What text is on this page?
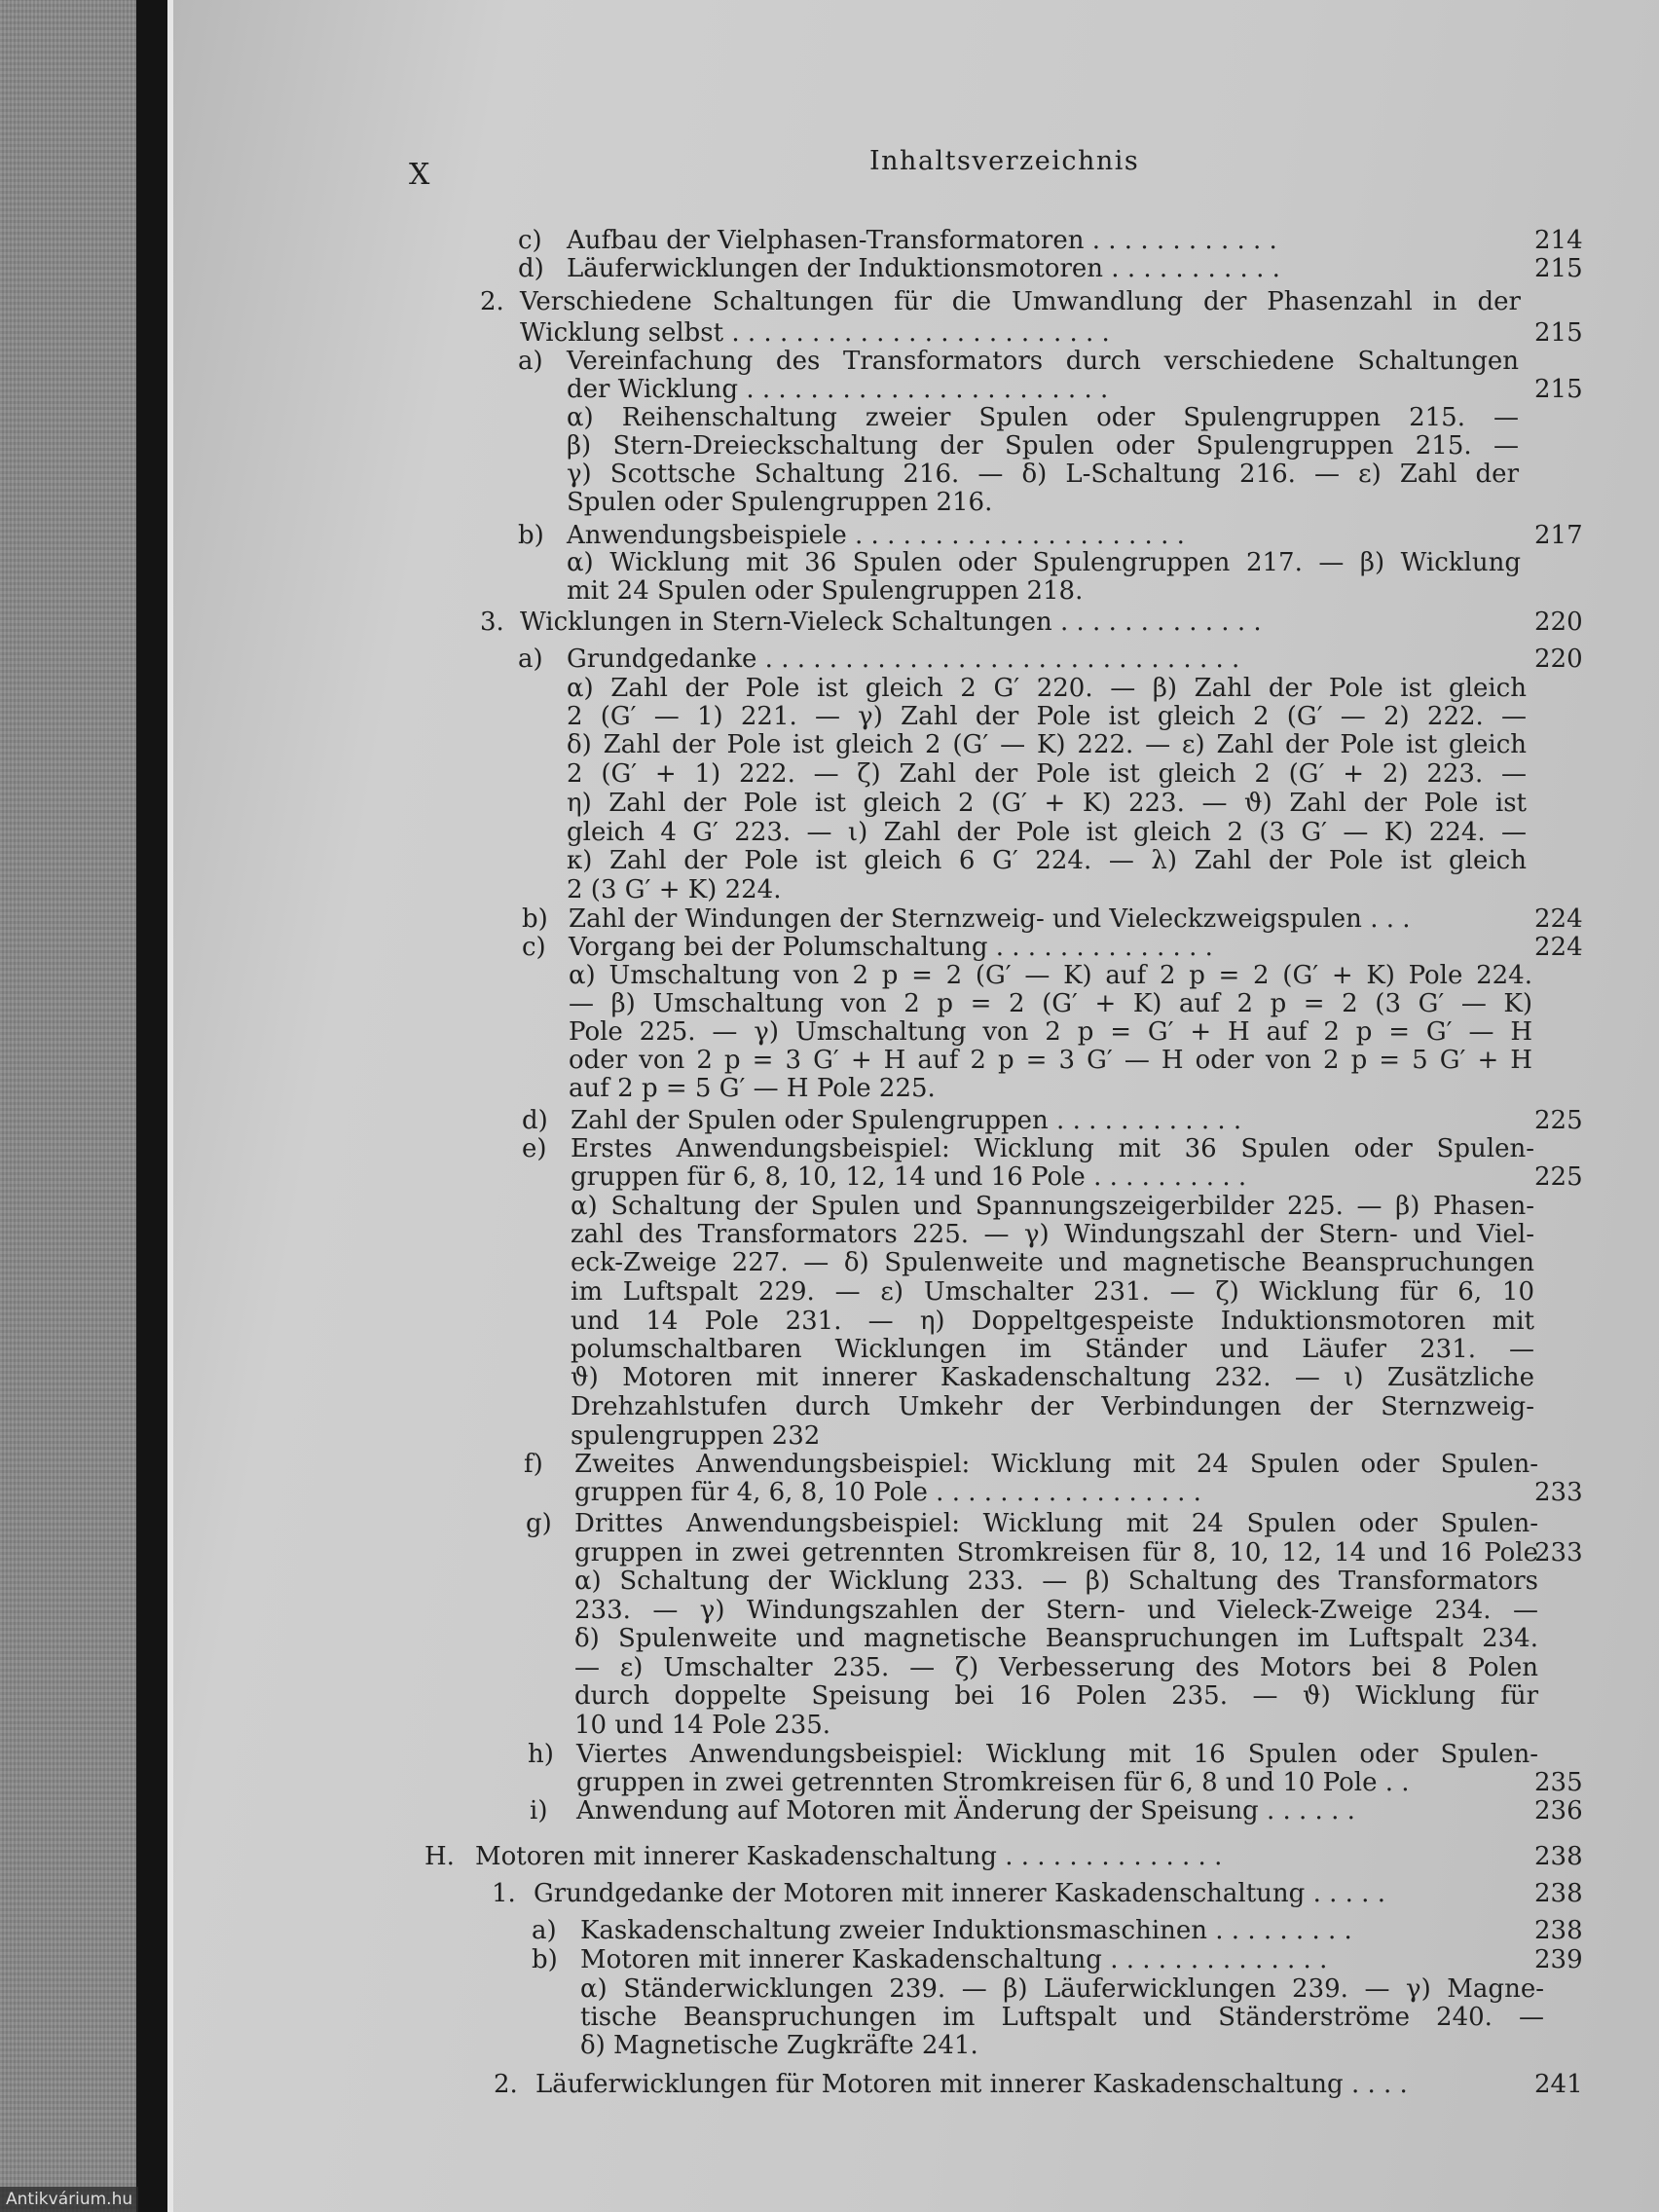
X	Inhaltsverzeichnis
c) Aufbau der Vielphasen-Transformatoren . . . . . . . . . . . .	214
d) Läuferwicklungen der Induktionsmotoren . . . . . . . . . . .	215
2. Verschiedene Schaltungen für die Umwandlung der Phasenzahl in der
Wicklung selbst . . . . . . . . . . . . . . . . . . . . . . . .	215
a) Vereinfachung des Transformators durch verschiedene Schaltungen
der Wicklung . . . . . . . . . . . . . . . . . . . . . . .	215
α) Reihenschaltung zweier Spulen oder Spulengruppen 215. —
β) Stern-Dreieckschaltung der Spulen oder Spulengruppen 215. —
γ) Scottsche Schaltung 216. — δ) L-Schaltung 216. — ε) Zahl der
Spulen oder Spulengruppen 216.
b) Anwendungsbeispiele . . . . . . . . . . . . . . . . . . . . .	217
α) Wicklung mit 36 Spulen oder Spulengruppen 217. — β) Wicklung
mit 24 Spulen oder Spulengruppen 218.
3. Wicklungen in Stern-Vieleck Schaltungen . . . . . . . . . . . . .	220
a) Grundgedanke . . . . . . . . . . . . . . . . . . . . . . . . . . . . . .	220
α) Zahl der Pole ist gleich 2 G′ 220. — β) Zahl der Pole ist gleich
2 (G′ — 1) 221. — γ) Zahl der Pole ist gleich 2 (G′ — 2) 222. —
δ) Zahl der Pole ist gleich 2 (G′ — K) 222. — ε) Zahl der Pole ist gleich
2 (G′ + 1) 222. — ζ) Zahl der Pole ist gleich 2 (G′ + 2) 223. —
η) Zahl der Pole ist gleich 2 (G′ + K) 223. — ϑ) Zahl der Pole ist
gleich 4 G′ 223. — ι) Zahl der Pole ist gleich 2 (3 G′ — K) 224. —
κ) Zahl der Pole ist gleich 6 G′ 224. — λ) Zahl der Pole ist gleich
2 (3 G′ + K) 224.
b) Zahl der Windungen der Sternzweig- und Vieleckzweigspulen . . .	224
c) Vorgang bei der Polumschaltung . . . . . . . . . . . . . .	224
α) Umschaltung von 2 p = 2 (G′ — K) auf 2 p = 2 (G′ + K) Pole 224.
— β) Umschaltung von 2 p = 2 (G′ + K) auf 2 p = 2 (3 G′ — K)
Pole 225. — γ) Umschaltung von 2 p = G′ + H auf 2 p = G′ — H
oder von 2 p = 3 G′ + H auf 2 p = 3 G′ — H oder von 2 p = 5 G′ + H
auf 2 p = 5 G′ — H Pole 225.
d) Zahl der Spulen oder Spulengruppen . . . . . . . . . . . .	225
e) Erstes Anwendungsbeispiel: Wicklung mit 36 Spulen oder Spulen-
gruppen für 6, 8, 10, 12, 14 und 16 Pole . . . . . . . . . .	225
α) Schaltung der Spulen und Spannungszeigerbilder 225. — β) Phasen-
zahl des Transformators 225. — γ) Windungszahl der Stern- und Viel-
eck-Zweige 227. — δ) Spulenweite und magnetische Beanspruchungen
im Luftspalt 229. — ε) Umschalter 231. — ζ) Wicklung für 6, 10
und 14 Pole 231. — η) Doppeltgespeiste Induktionsmotoren mit
polumschaltbaren Wicklungen im Ständer und Läufer 231. —
ϑ) Motoren mit innerer Kaskadenschaltung 232. — ι) Zusätzliche
Drehzahlstufen durch Umkehr der Verbindungen der Sternzweig-
spulengruppen 232
f) Zweites Anwendungsbeispiel: Wicklung mit 24 Spulen oder Spulen-
gruppen für 4, 6, 8, 10 Pole . . . . . . . . . . . . . . . . .	233
g) Drittes Anwendungsbeispiel: Wicklung mit 24 Spulen oder Spulen-
gruppen in zwei getrennten Stromkreisen für 8, 10, 12, 14 und 16 Pole
233
α) Schaltung der Wicklung 233. — β) Schaltung des Transformators
233. — γ) Windungszahlen der Stern- und Vieleck-Zweige 234. —
δ) Spulenweite und magnetische Beanspruchungen im Luftspalt 234.
— ε) Umschalter 235. — ζ) Verbesserung des Motors bei 8 Polen
durch doppelte Speisung bei 16 Polen 235. — ϑ) Wicklung für
10 und 14 Pole 235.
h) Viertes Anwendungsbeispiel: Wicklung mit 16 Spulen oder Spulen-
gruppen in zwei getrennten Stromkreisen für 6, 8 und 10 Pole . .	235
i) Anwendung auf Motoren mit Änderung der Speisung . . . . . .	236
H. Motoren mit innerer Kaskadenschaltung . . . . . . . . . . . . . .	238
1. Grundgedanke der Motoren mit innerer Kaskadenschaltung . . . . .	238
a) Kaskadenschaltung zweier Induktionsmaschinen . . . . . . . . .	238
b) Motoren mit innerer Kaskadenschaltung . . . . . . . . . . . . . .	239
α) Ständerwicklungen 239. — β) Läuferwicklungen 239. — γ) Magne-
tische Beanspruchungen im Luftspalt und Ständerströme 240. —
δ) Magnetische Zugkräfte 241.
2. Läuferwicklungen für Motoren mit innerer Kaskadenschaltung . . . .	241
Antikvárium.hu
